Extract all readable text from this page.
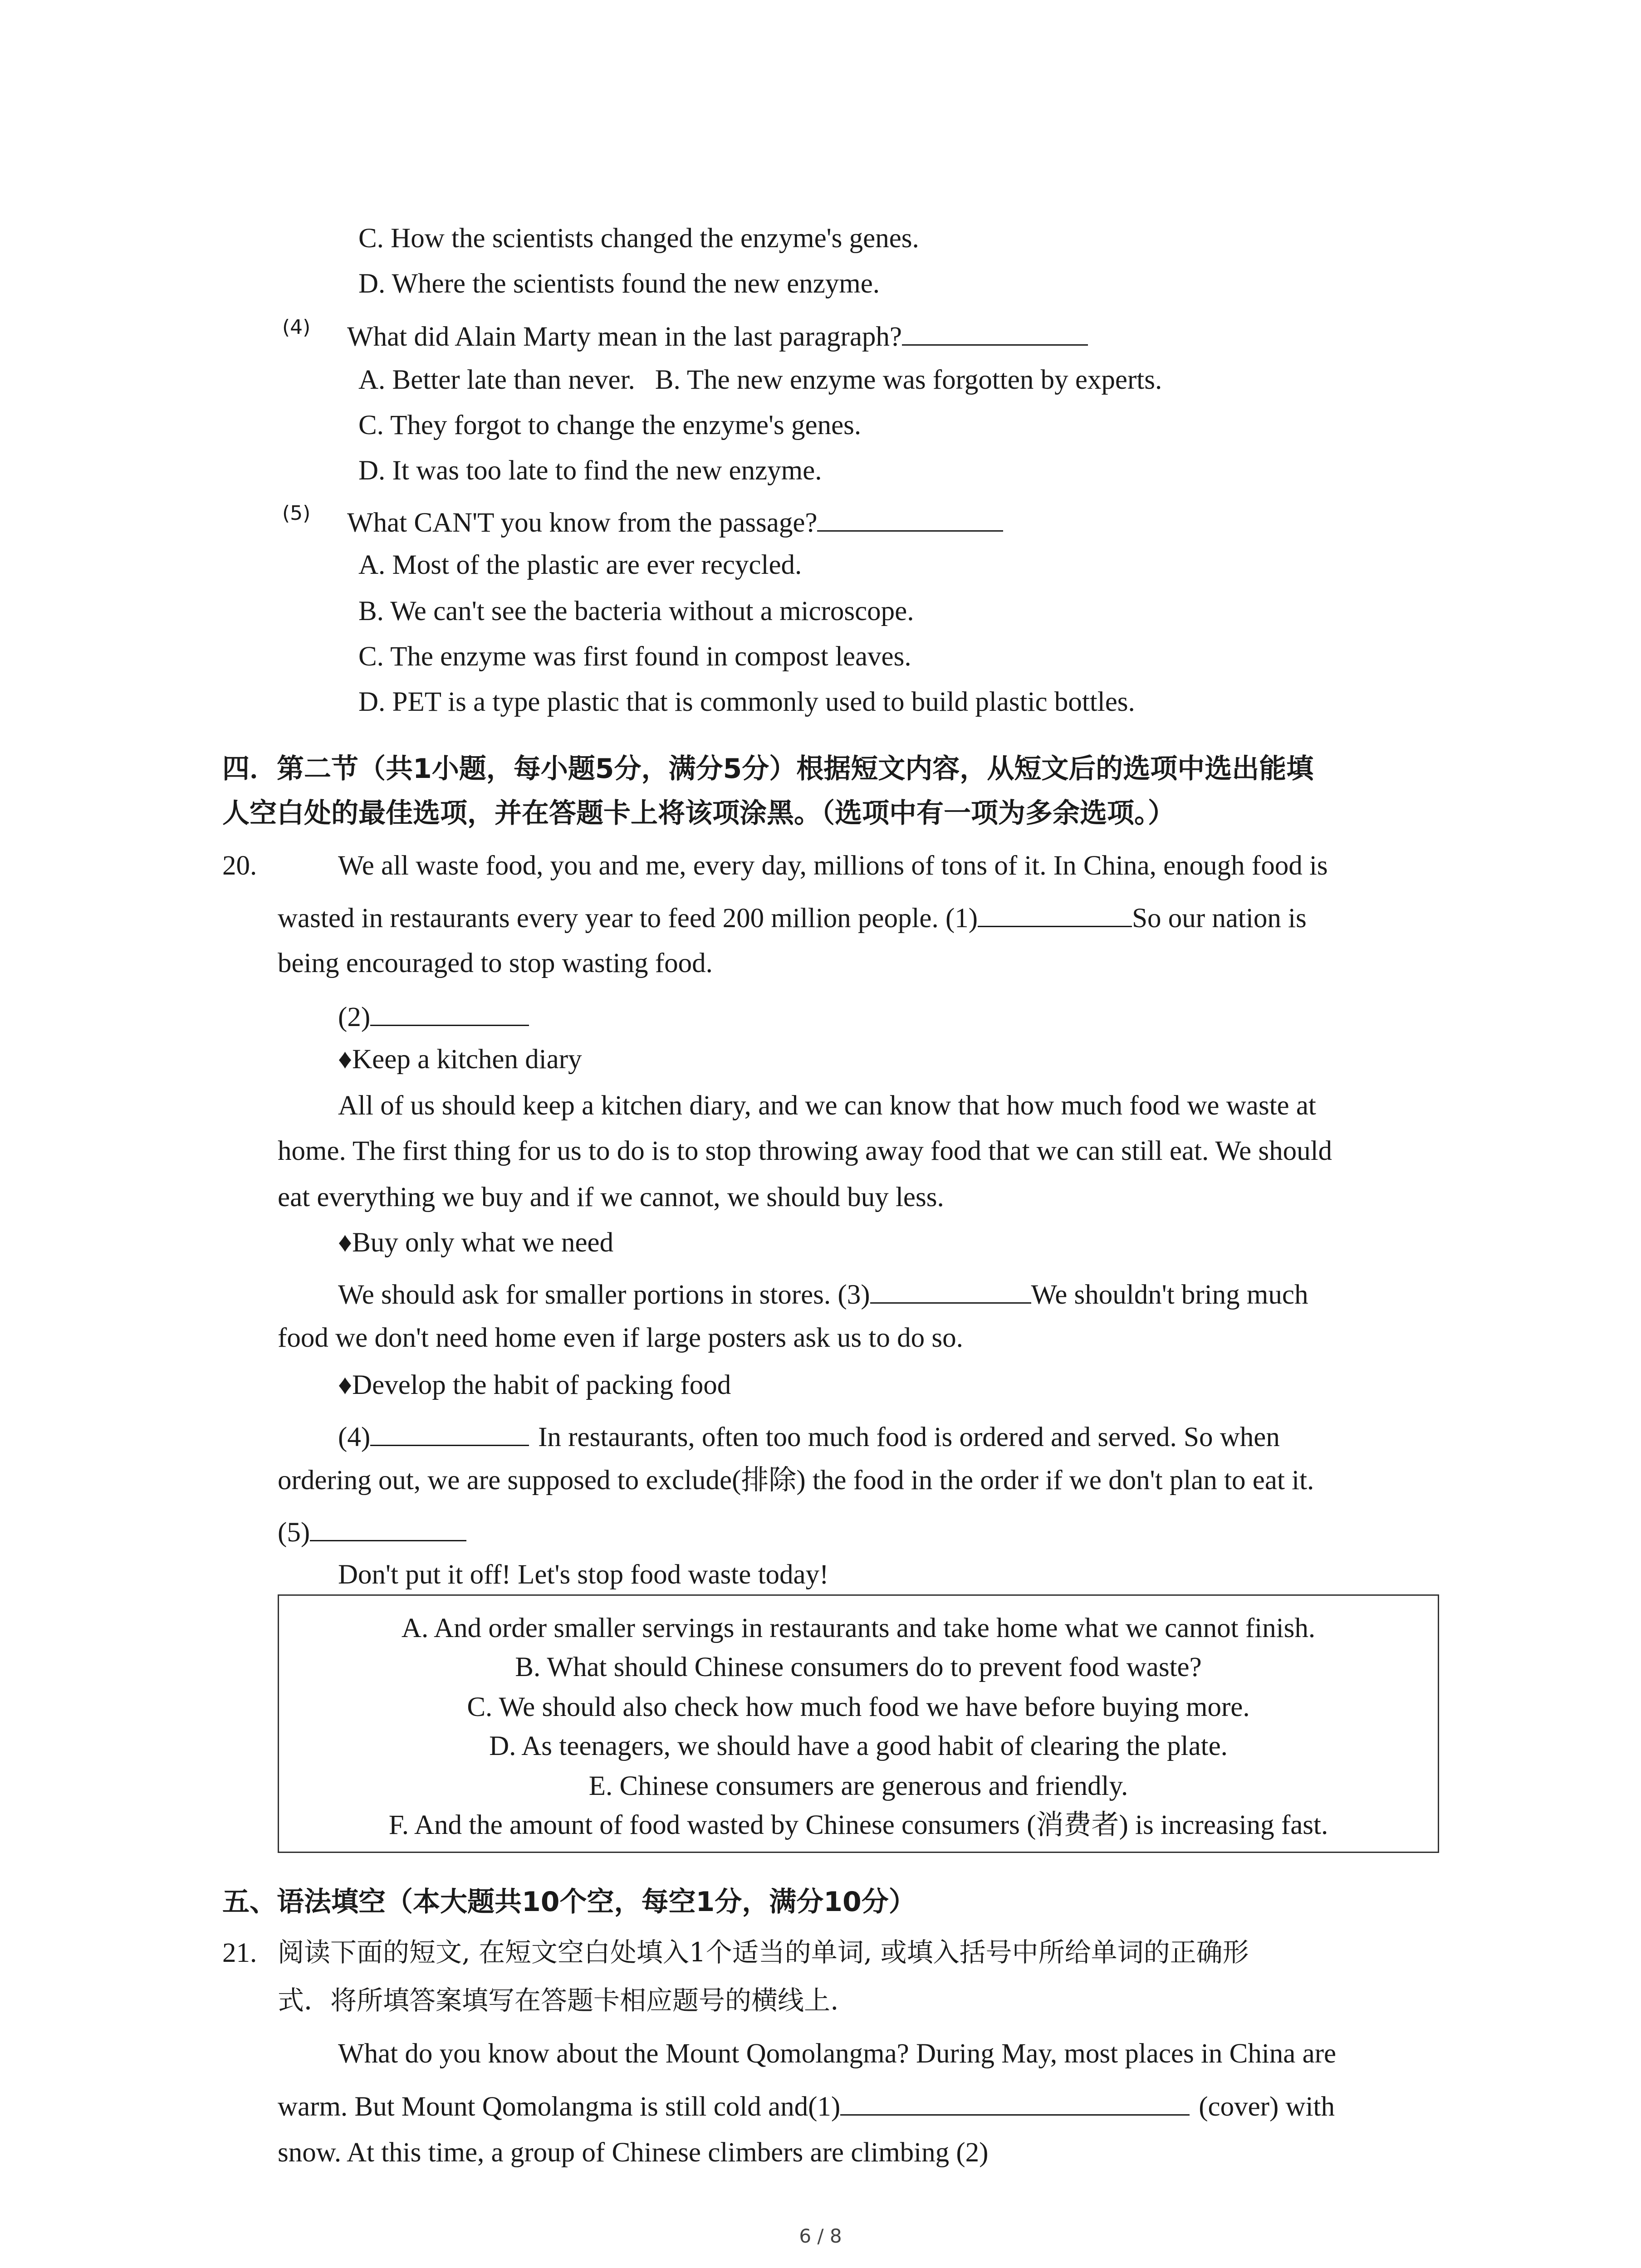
C. How the scientists changed the enzyme's genes.
D. Where the scientists found the new enzyme.
(4) What did Alain Marty mean in the last paragraph?
A. Better late than never. B. The new enzyme was forgotten by experts.
C. They forgot to change the enzyme's genes.
D. It was too late to find the new enzyme.
(5) What CAN'T you know from the passage?
A. Most of the plastic are ever recycled.
B. We can't see the bacteria without a microscope.
C. The enzyme was first found in compost leaves.
D. PET is a type plastic that is commonly used to build plastic bottles.
四．第二节（共1小题，每小题5分，满分5分）根据短文内容，从短文后的选项中选出能填
人空白处的最佳选项，并在答题卡上将该项涂黑。（选项中有一项为多余选项。）
20.	We all waste food, you and me, every day, millions of tons of it. In China, enough food is
wasted in restaurants every year to feed 200 million people. (1)	So our nation is
being encouraged to stop wasting food.
(2)
♦Keep a kitchen diary
All of us should keep a kitchen diary, and we can know that how much food we waste at
home. The first thing for us to do is to stop throwing away food that we can still eat. We should
eat everything we buy and if we cannot, we should buy less.
♦Buy only what we need
We should ask for smaller portions in stores. (3)	We shouldn't bring much
food we don't need home even if large posters ask us to do so.
♦Develop the habit of packing food
(4)	In restaurants, often too much food is ordered and served. So when
ordering out, we are supposed to exclude(排除) the food in the order if we don't plan to eat it.
(5)
Don't put it off! Let's stop food waste today!
A. And order smaller servings in restaurants and take home what we cannot finish.
B. What should Chinese consumers do to prevent food waste?
C. We should also check how much food we have before buying more.
D. As teenagers, we should have a good habit of clearing the plate.
E. Chinese consumers are generous and friendly.
F. And the amount of food wasted by Chinese consumers (消费者) is increasing fast.
五、语法填空（本大题共10个空，每空1分，满分10分）
21. 阅读下面的短文, 在短文空白处填入1个适当的单词, 或填入括号中所给单词的正确形
式．将所填答案填写在答题卡相应题号的横线上.
What do you know about the Mount Qomolangma? During May, most places in China are
warm. But Mount Qomolangma is still cold and(1)	(cover) with
snow. At this time, a group of Chinese climbers are climbing (2)
6 / 8
